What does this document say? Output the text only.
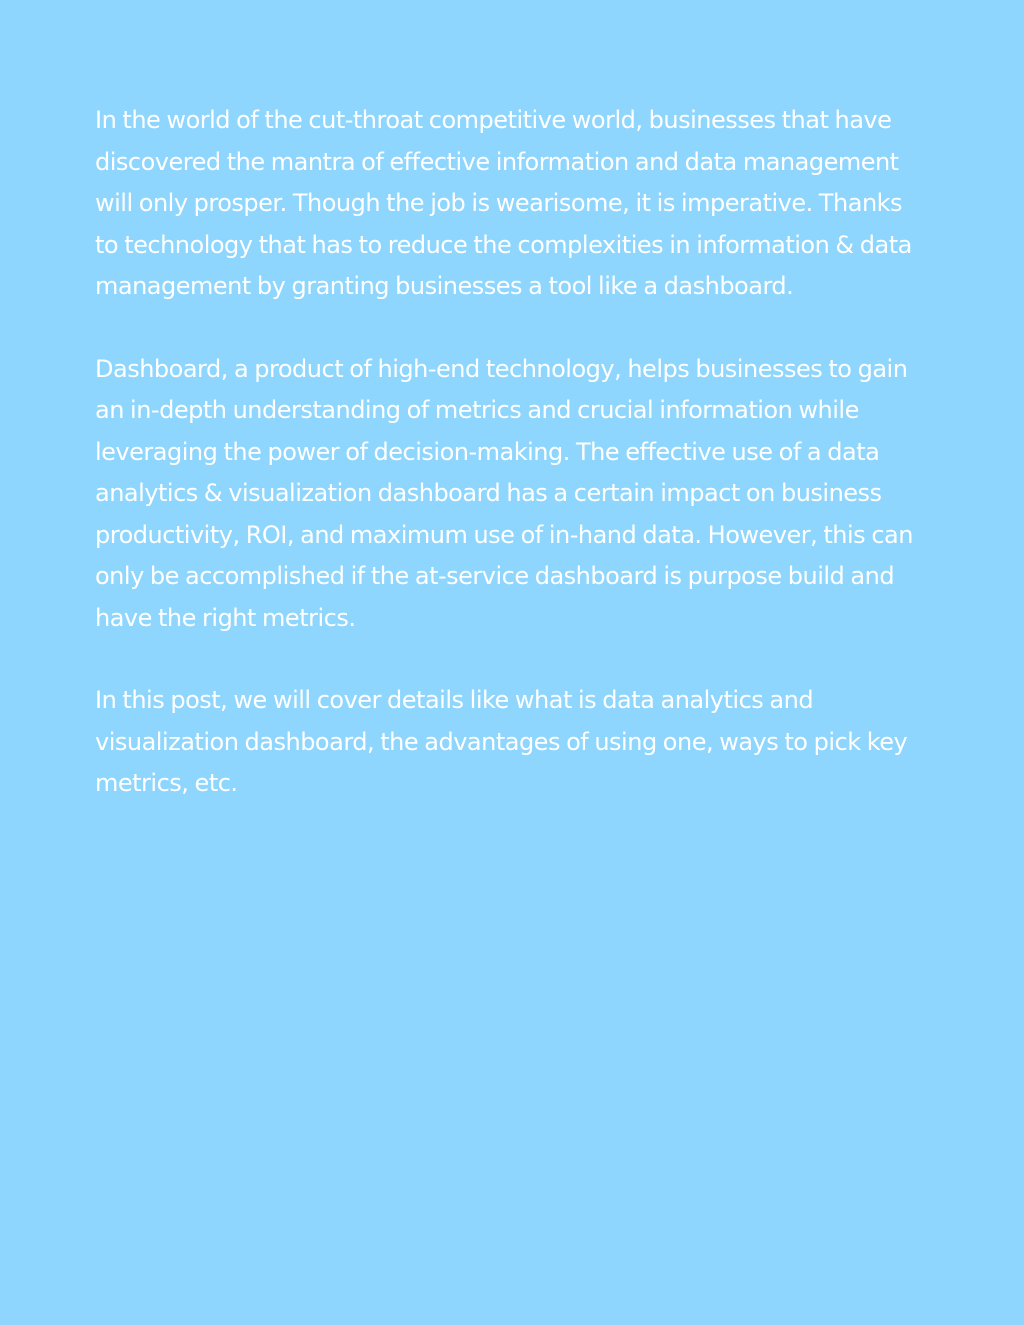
In the world of the cut-throat competitive world, businesses that have discovered the mantra of effective information and data management will only prosper. Though the job is wearisome, it is imperative. Thanks to technology that has to reduce the complexities in information & data management by granting businesses a tool like a dashboard.

Dashboard, a product of high-end technology, helps businesses to gain an in-depth understanding of metrics and crucial information while leveraging the power of decision-making. The effective use of a data analytics & visualization dashboard has a certain impact on business productivity, ROI, and maximum use of in-hand data. However, this can only be accomplished if the at-service dashboard is purpose build and have the right metrics.

In this post, we will cover details like what is data analytics and visualization dashboard, the advantages of using one, ways to pick key metrics, etc.
